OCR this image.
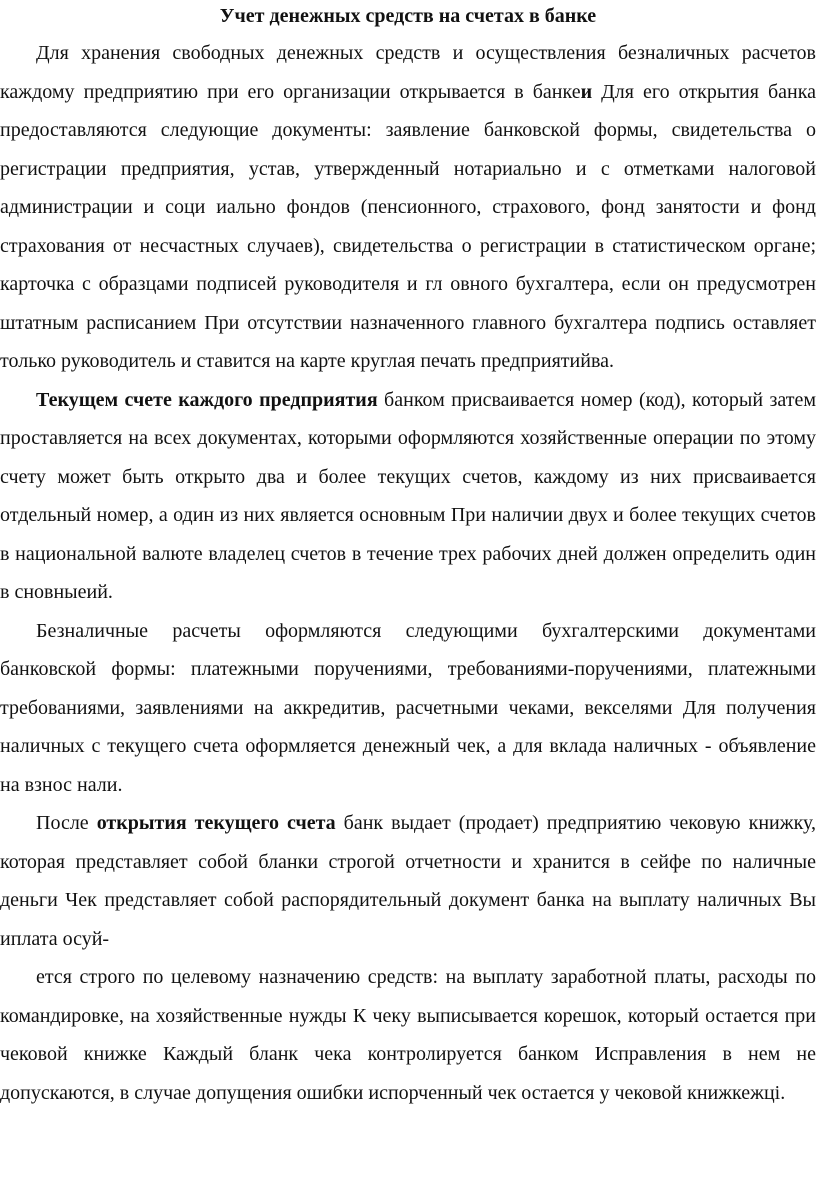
Учет денежных средств на счетах в банке

Для хранения свободных денежных средств и осуществления безналичных расчетов каждому предприятию при его организации открывается в банкеи Для его открытия банка предоставляются следующие документы: заявление банковской формы, свидетельства о регистрации предприятия, устав, утвержденный нотариально и с отметками налоговой администрации и соци иально фондов (пенсионного, страхового, фонд занятости и фонд страхования от несчастных случаев), свидетельства о регистрации в статистическом органе; карточка с образцами подписей руководителя и гл овного бухгалтера, если он предусмотрен штатным расписанием При отсутствии назначенного главного бухгалтера подпись оставляет только руководитель и ставится на карте круглая печать предприятийва.

Текущем счете каждого предприятия банком присваивается номер (код), который затем проставляется на всех документах, которыми оформляются хозяйственные операции по этому счету может быть открыто два и более текущих счетов, каждому из них присваивается отдельный номер, а один из них является основным При наличии двух и более текущих счетов в национальной валюте владелец счетов в течение трех рабочих дней должен определить один в сновныеий.

Безналичные расчеты оформляются следующими бухгалтерскими документами банковской формы: платежными поручениями, требованиями-поручениями, платежными требованиями, заявлениями на аккредитив, расчетными чеками, векселями Для получения наличных с текущего счета оформляется денежный чек, а для вклада наличных - объявление на взнос нали.

После открытия текущего счета банк выдает (продает) предприятию чековую книжку, которая представляет собой бланки строгой отчетности и хранится в сейфе по наличные деньги Чек представляет собой распорядительный документ банка на выплату наличных Вы иплата осуй-

ется строго по целевому назначению средств: на выплату заработной платы, расходы по командировке, на хозяйственные нужды К чеку выписывается корешок, который остается при чековой книжке Каждый бланк чека контролируется банком Исправления в нем не допускаются, в случае допущения ошибки испорченный чек остается у чековой книжкежці.
